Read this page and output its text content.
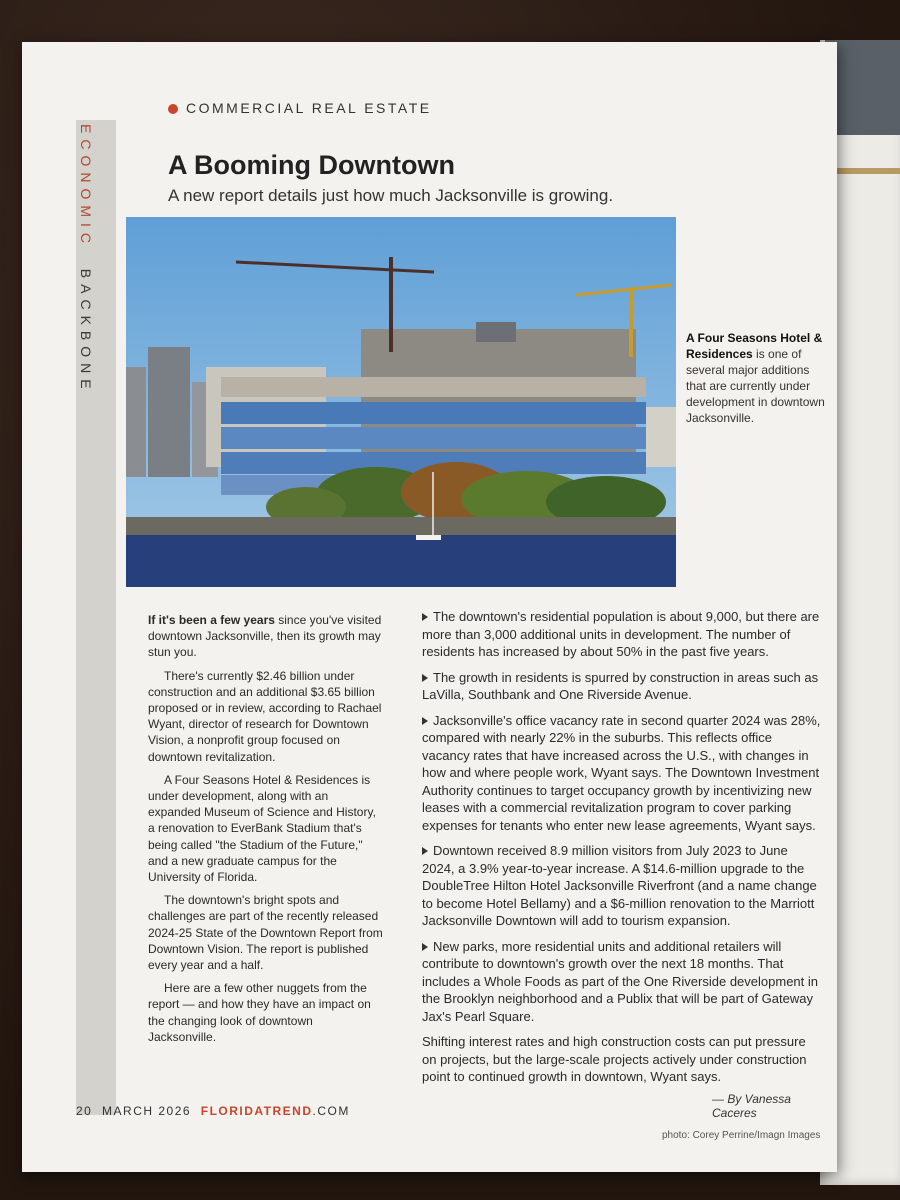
ECONOMIC  BACKBONE
COMMERCIAL REAL ESTATE
A Booming Downtown
A new report details just how much Jacksonville is growing.
A Four Seasons Hotel & Residences is one of several major additions that are currently under development in downtown Jacksonville.

If it's been a few years since you've visited downtown Jacksonville, then its growth may stun you.

There's currently $2.46 billion under construction and an additional $3.65 billion proposed or in review, according to Rachael Wyant, director of research for Downtown Vision, a nonprofit group focused on downtown revitalization.

A Four Seasons Hotel & Residences is under development, along with an expanded Museum of Science and History, a renovation to EverBank Stadium that's being called "the Stadium of the Future," and a new graduate campus for the University of Florida.

The downtown's bright spots and challenges are part of the recently released 2024-25 State of the Downtown Report from Downtown Vision. The report is published every year and a half.

Here are a few other nuggets from the report — and how they have an impact on the changing look of downtown Jacksonville.

The downtown's residential population is about 9,000, but there are more than 3,000 additional units in development. The number of residents has increased by about 50% in the past five years.

The growth in residents is spurred by construction in areas such as LaVilla, Southbank and One Riverside Avenue.

Jacksonville's office vacancy rate in second quarter 2024 was 28%, compared with nearly 22% in the suburbs. This reflects office vacancy rates that have increased across the U.S., with changes in how and where people work, Wyant says. The Downtown Investment Authority continues to target occupancy growth by incentivizing new leases with a commercial revitalization program to cover parking expenses for tenants who enter new lease agreements, Wyant says.

Downtown received 8.9 million visitors from July 2023 to June 2024, a 3.9% year-to-year increase. A $14.6-million upgrade to the DoubleTree Hilton Hotel Jacksonville Riverfront (and a name change to become Hotel Bellamy) and a $6-million renovation to the Marriott Jacksonville Downtown will add to tourism expansion.

New parks, more residential units and additional retailers will contribute to downtown's growth over the next 18 months. That includes a Whole Foods as part of the One Riverside development in the Brooklyn neighborhood and a Publix that will be part of Gateway Jax's Pearl Square.

Shifting interest rates and high construction costs can put pressure on projects, but the large-scale projects actively under construction point to continued growth in downtown, Wyant says.

— By Vanessa Caceres
20 MARCH 2026 FLORIDATREND.COM
photo: Corey Perrine/Imagn Images
